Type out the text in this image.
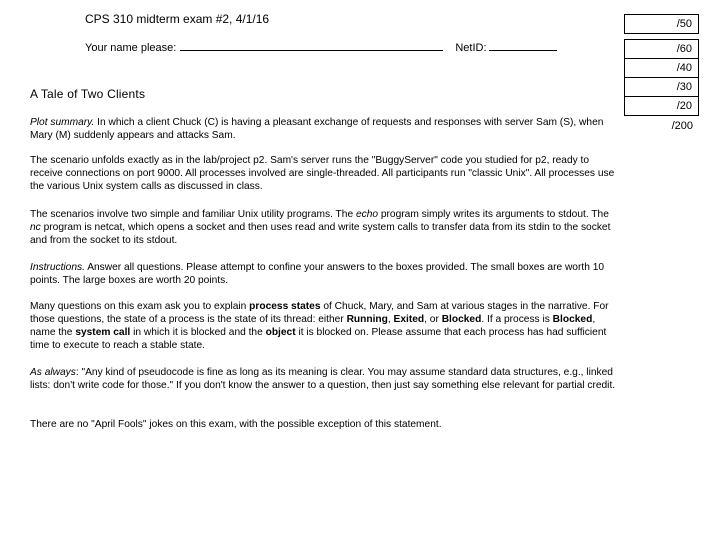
CPS 310 midterm exam #2, 4/1/16
Your name please:	NetID:
/50
/60
/40
/30
/20
/200
A Tale of Two Clients
Plot summary. In which a client Chuck (C) is having a pleasant exchange of requests and responses with server Sam (S), when Mary (M) suddenly appears and attacks Sam.
The scenario unfolds exactly as in the lab/project p2. Sam's server runs the "BuggyServer" code you studied for p2, ready to receive connections on port 9000. All processes involved are single-threaded. All participants run "classic Unix". All processes use the various Unix system calls as discussed in class.
The scenarios involve two simple and familiar Unix utility programs. The echo program simply writes its arguments to stdout. The nc program is netcat, which opens a socket and then uses read and write system calls to transfer data from its stdin to the socket and from the socket to its stdout.
Instructions. Answer all questions. Please attempt to confine your answers to the boxes provided. The small boxes are worth 10 points. The large boxes are worth 20 points.
Many questions on this exam ask you to explain process states of Chuck, Mary, and Sam at various stages in the narrative. For those questions, the state of a process is the state of its thread: either Running, Exited, or Blocked. If a process is Blocked, name the system call in which it is blocked and the object it is blocked on. Please assume that each process has had sufficient time to execute to reach a stable state.
As always: "Any kind of pseudocode is fine as long as its meaning is clear. You may assume standard data structures, e.g., linked lists: don't write code for those." If you don't know the answer to a question, then just say something else relevant for partial credit.
There are no "April Fools" jokes on this exam, with the possible exception of this statement.
